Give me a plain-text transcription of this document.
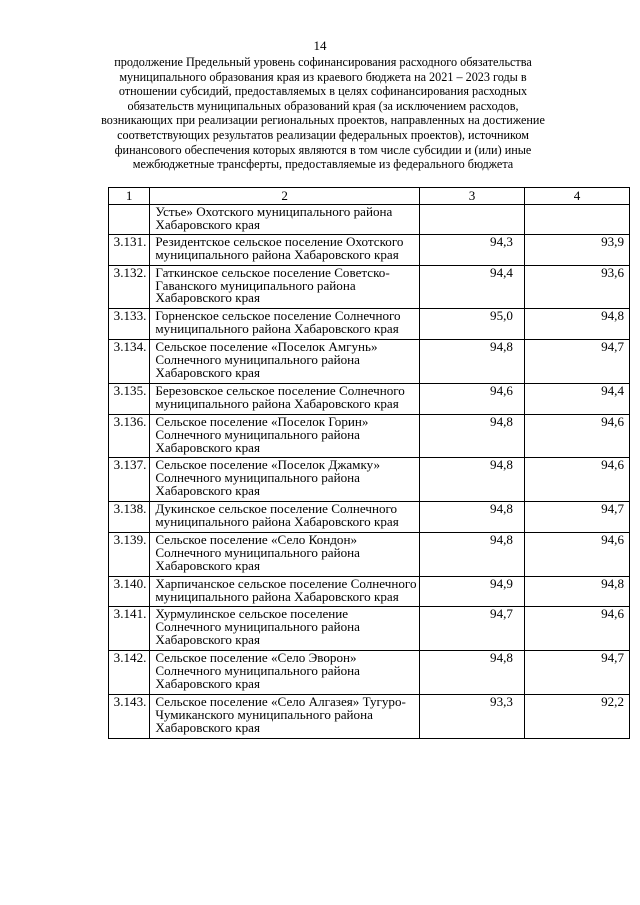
14
продолжение Предельный уровень софинансирования расходного обязательства муниципального образования края из краевого бюджета на 2021 – 2023 годы в отношении субсидий, предоставляемых в целях софинансирования расходных обязательств муниципальных образований края (за исключением расходов, возникающих при реализации региональных проектов, направленных на достижение соответствующих результатов реализации федеральных проектов), источником финансового обеспечения которых являются в том числе субсидии и (или) иные межбюджетные трансферты, предоставляемые из федерального бюджета
1	2	3	4
	Устье» Охотского муниципального района Хабаровского края		
3.131.	Резидентское сельское поселение Охотского муниципального района Хабаровского края	94,3	93,9
3.132.	Гаткинское сельское поселение Советско-Гаванского муниципального района Хабаровского края	94,4	93,6
3.133.	Горненское сельское поселение Солнечного муниципального района Хабаровского края	95,0	94,8
3.134.	Сельское поселение «Поселок Амгунь» Солнечного муниципального района Хабаровского края	94,8	94,7
3.135.	Березовское сельское поселение Солнечного муниципального района Хабаровского края	94,6	94,4
3.136.	Сельское поселение «Поселок Горин» Солнечного муниципального района Хабаровского края	94,8	94,6
3.137.	Сельское поселение «Поселок Джамку» Солнечного муниципального района Хабаровского края	94,8	94,6
3.138.	Дукинское сельское поселение Солнечного муниципального района Хабаровского края	94,8	94,7
3.139.	Сельское поселение «Село Кондон» Солнечного муниципального района Хабаровского края	94,8	94,6
3.140.	Харпичанское сельское поселение Солнечного муниципального района Хабаровского края	94,9	94,8
3.141.	Хурмулинское сельское поселение Солнечного муниципального района Хабаровского края	94,7	94,6
3.142.	Сельское поселение «Село Эворон» Солнечного муниципального района Хабаровского края	94,8	94,7
3.143.	Сельское поселение «Село Алгазея» Тугуро-Чумиканского муниципального района Хабаровского края	93,3	92,2
